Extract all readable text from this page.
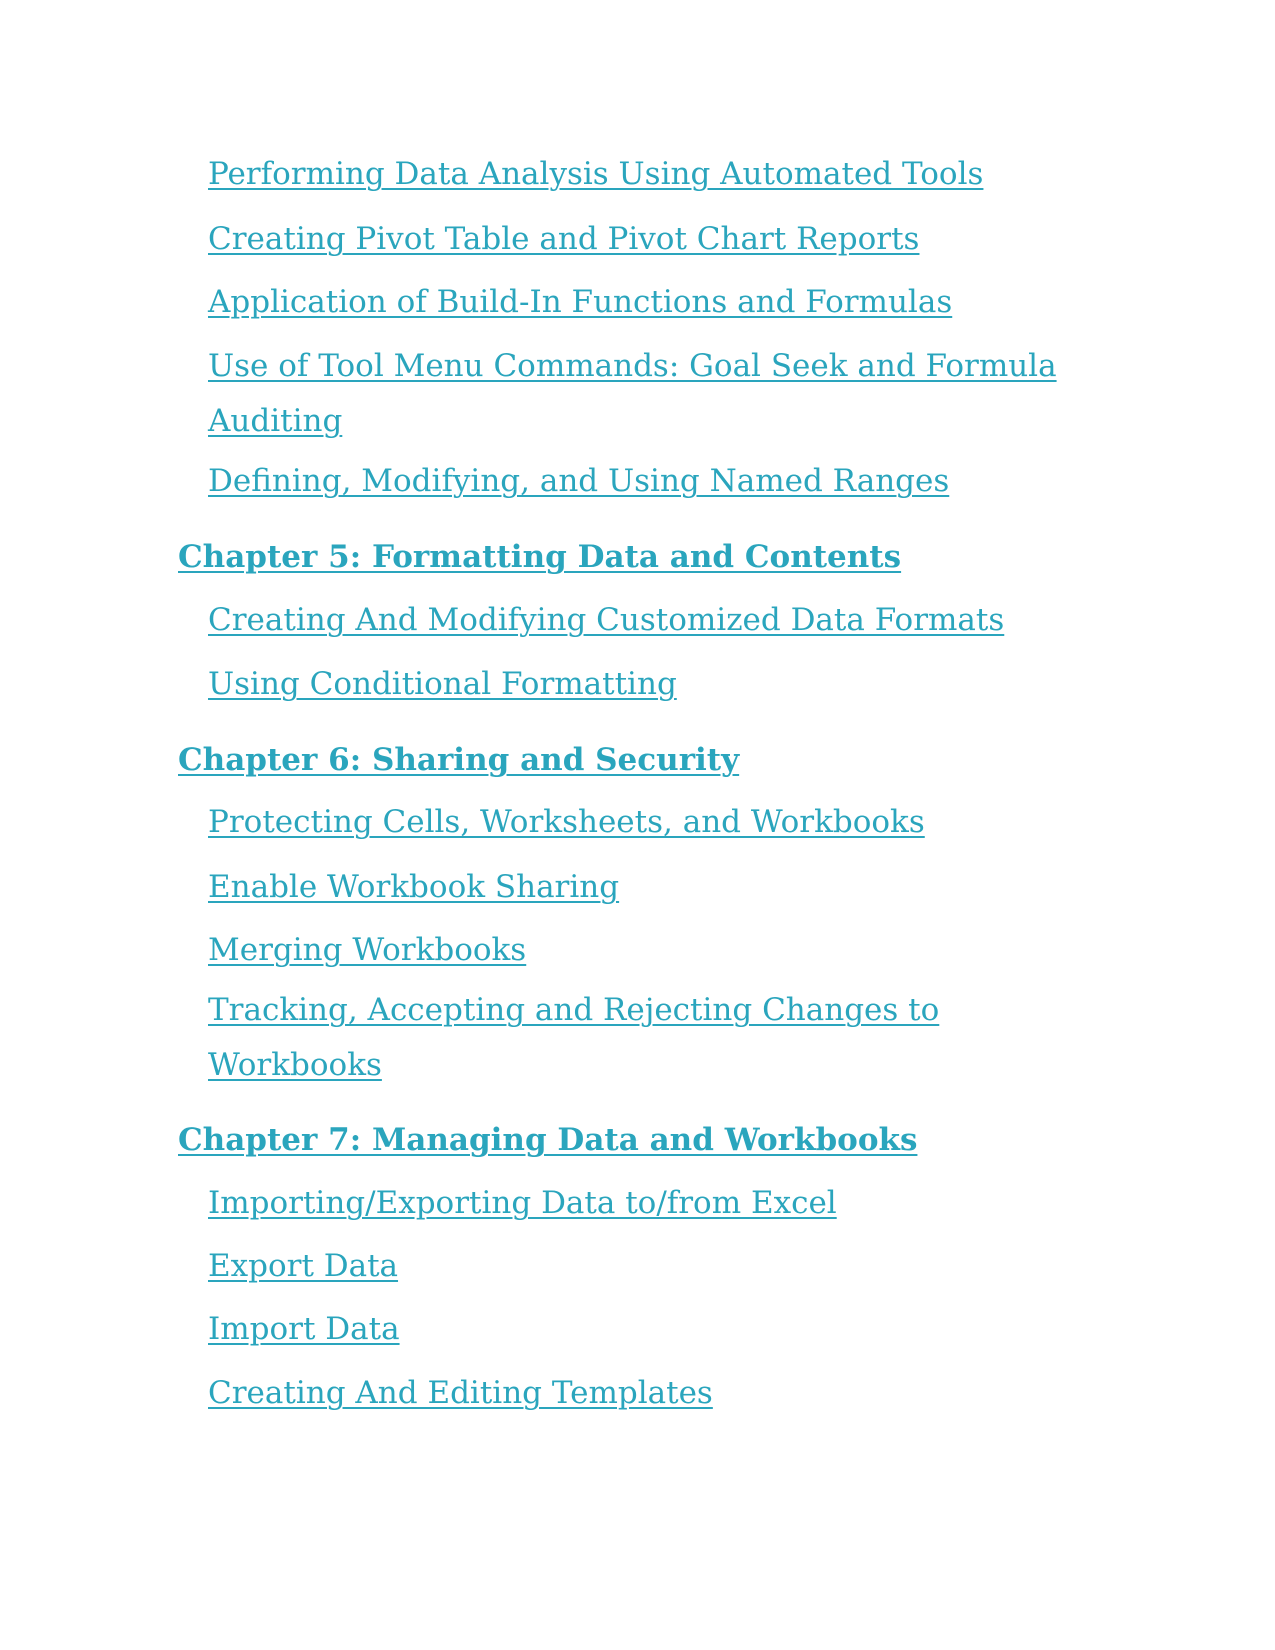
Performing Data Analysis Using Automated Tools
Creating Pivot Table and Pivot Chart Reports
Application of Build-In Functions and Formulas
Use of Tool Menu Commands: Goal Seek and Formula Auditing
Defining, Modifying, and Using Named Ranges
Chapter 5: Formatting Data and Contents
Creating And Modifying Customized Data Formats
Using Conditional Formatting
Chapter 6: Sharing and Security
Protecting Cells, Worksheets, and Workbooks
Enable Workbook Sharing
Merging Workbooks
Tracking, Accepting and Rejecting Changes to Workbooks
Chapter 7: Managing Data and Workbooks
Importing/Exporting Data to/from Excel
Export Data
Import Data
Creating And Editing Templates
